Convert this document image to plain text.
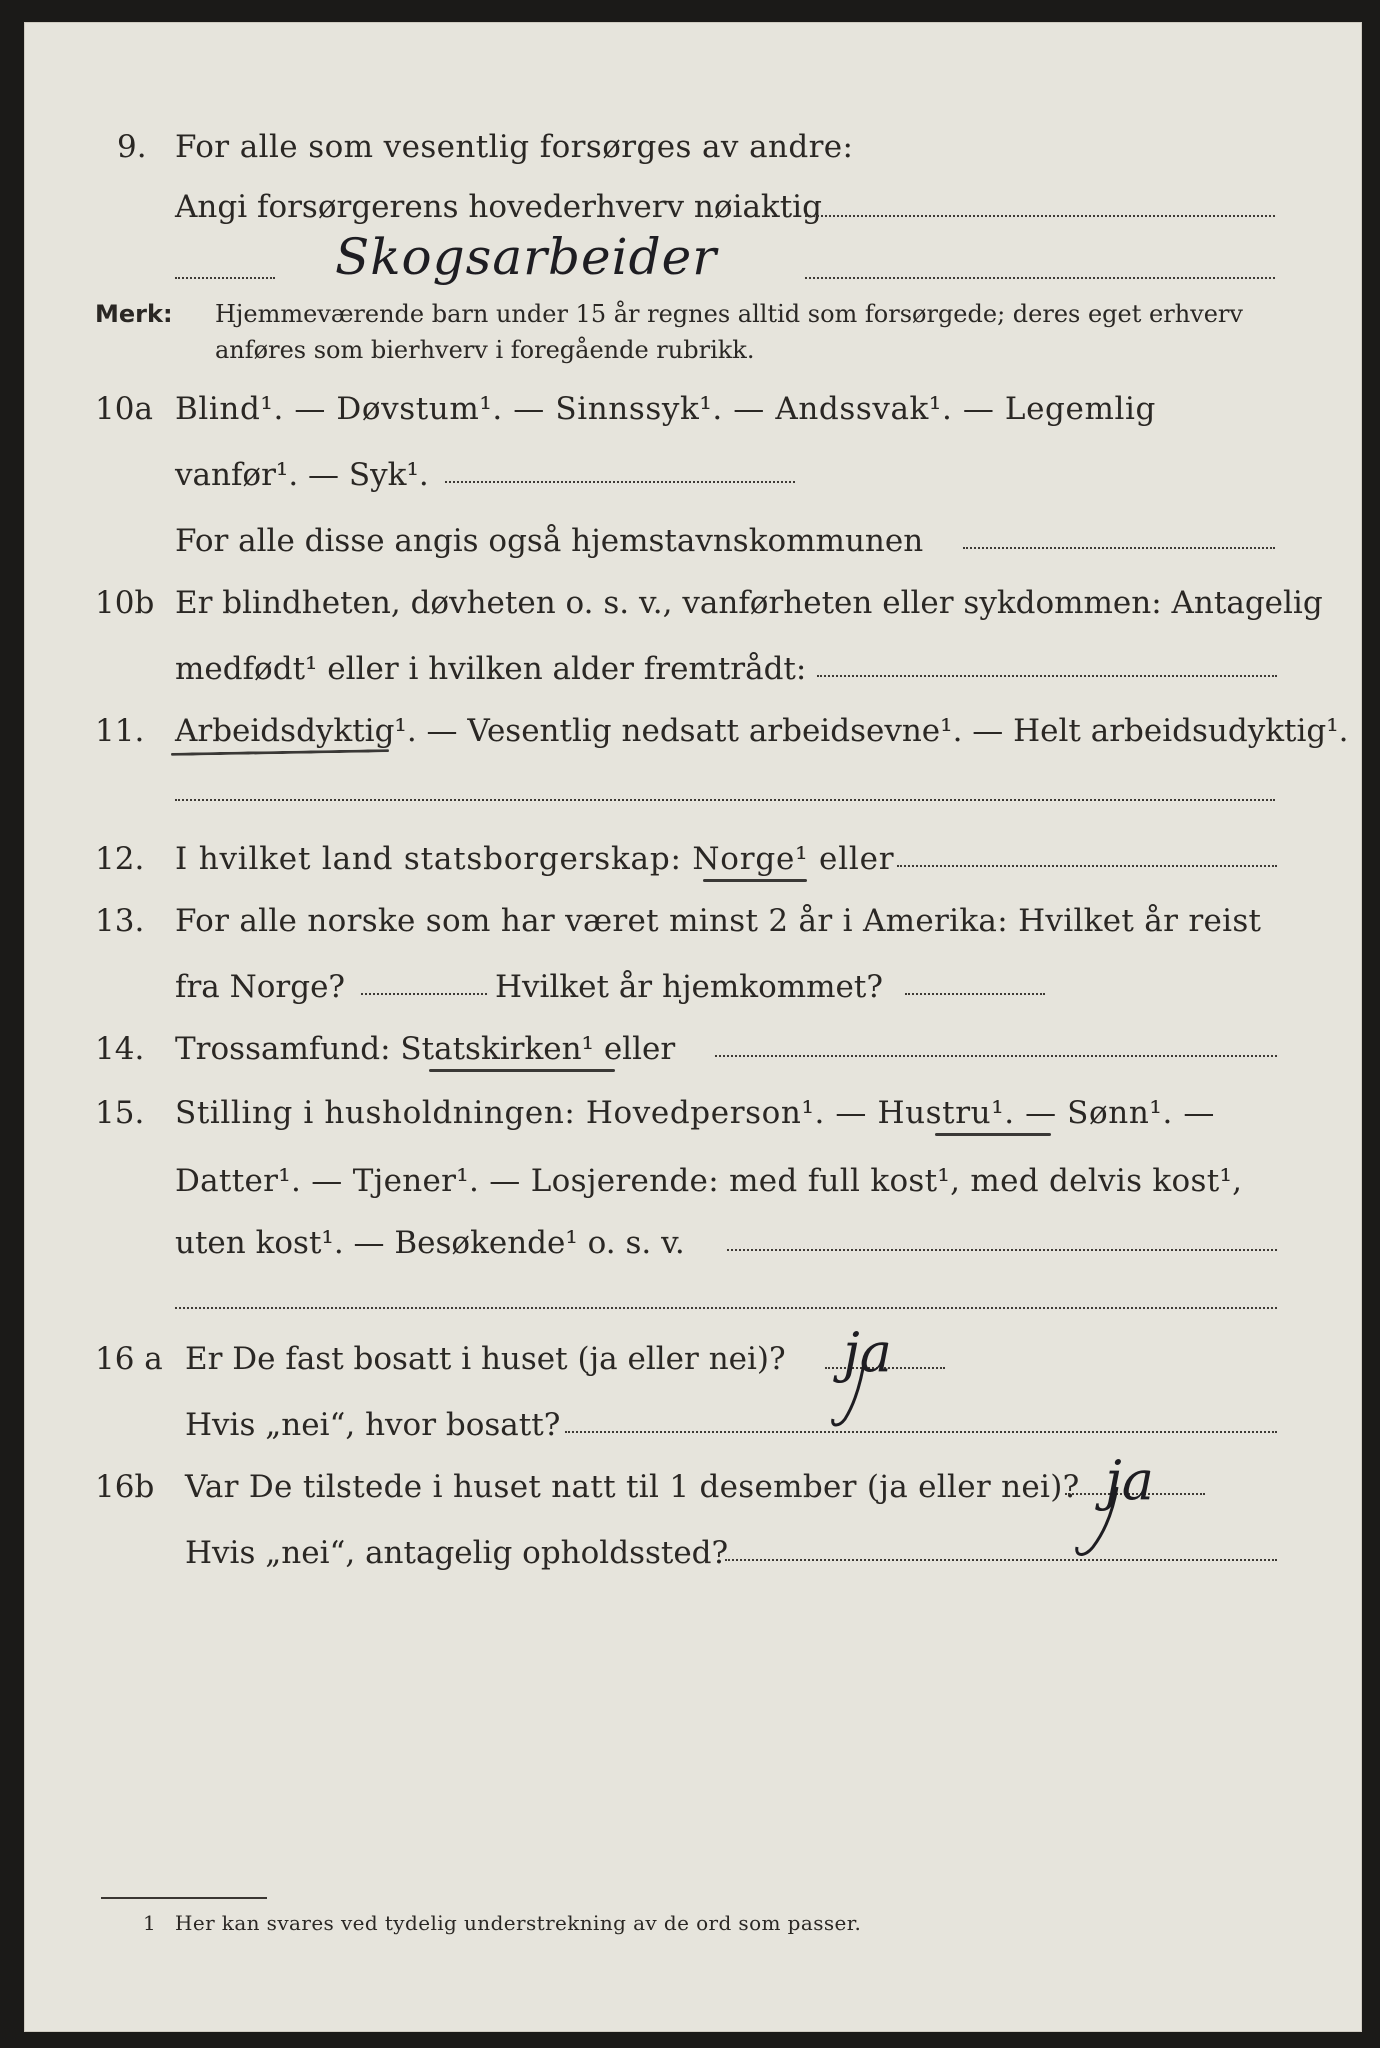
9. For alle som vesentlig forsørges av andre:
Angi forsørgerens hovederhverv nøiaktig
Skogsarbeider
Merk: Hjemmeværende barn under 15 år regnes alltid som forsørgede; deres eget erhverv
anføres som bierhverv i foregående rubrikk.
10a Blind¹. — Døvstum¹. — Sinnssyk¹. — Andssvak¹. — Legemlig
vanfør¹. — Syk¹.
For alle disse angis også hjemstavnskommunen
10b Er blindheten, døvheten o. s. v., vanførheten eller sykdommen: Antagelig
medfødt¹ eller i hvilken alder fremtrådt:
11. Arbeidsdyktig¹. — Vesentlig nedsatt arbeidsevne¹. — Helt arbeidsudyktig¹.
12. I hvilket land statsborgerskap: Norge¹ eller
13. For alle norske som har været minst 2 år i Amerika: Hvilket år reist
fra Norge?	Hvilket år hjemkommet?
14. Trossamfund: Statskirken¹ eller
15. Stilling i husholdningen: Hovedperson¹. — Hustru¹. — Sønn¹. —
Datter¹. — Tjener¹. — Losjerende: med full kost¹, med delvis kost¹,
uten kost¹. — Besøkende¹ o. s. v.
16 a Er De fast bosatt i huset (ja eller nei)? ja
Hvis „nei“, hvor bosatt?
16b Var De tilstede i huset natt til 1 desember (ja eller nei)? ja
Hvis „nei“, antagelig opholdssted?
1 Her kan svares ved tydelig understrekning av de ord som passer.
